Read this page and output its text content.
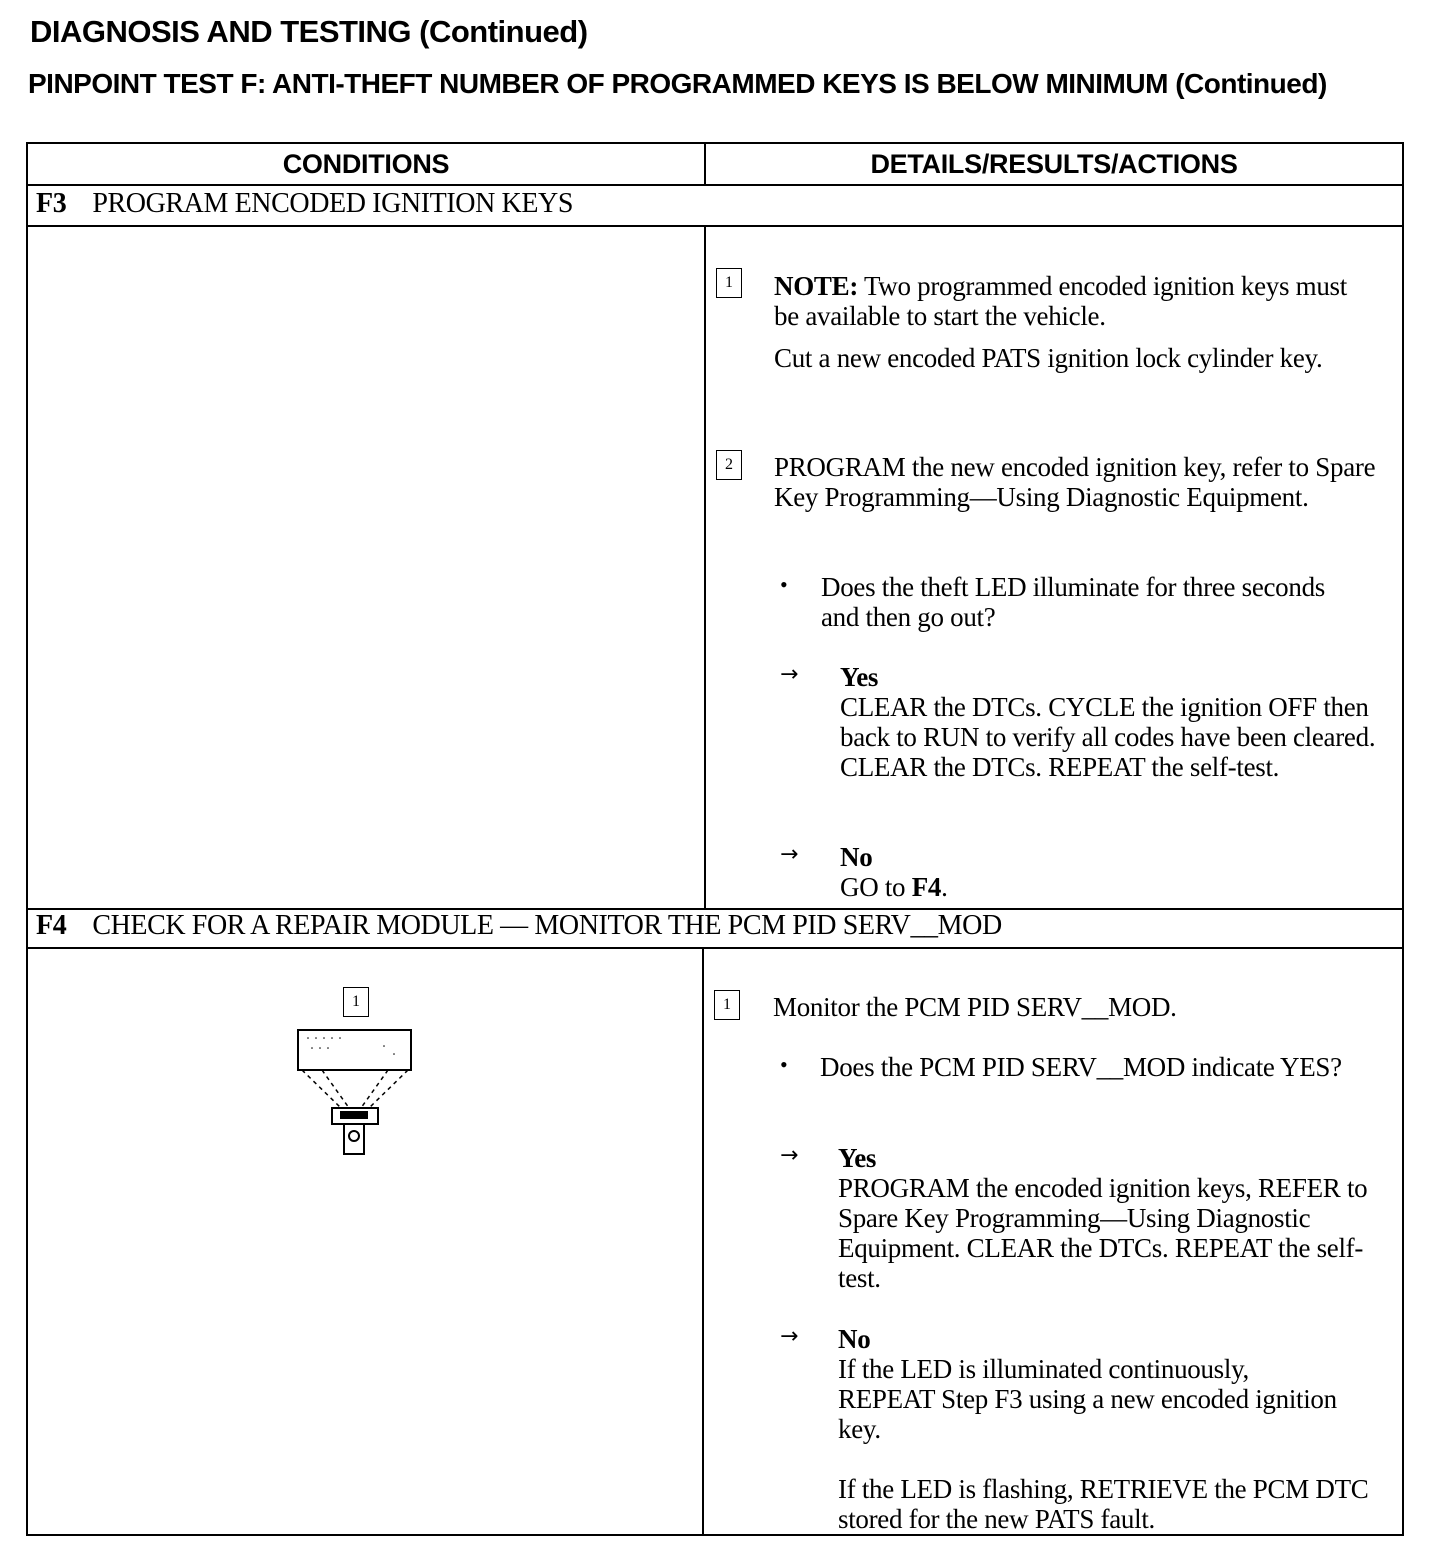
DIAGNOSIS AND TESTING (Continued)
PINPOINT TEST F: ANTI-THEFT NUMBER OF PROGRAMMED KEYS IS BELOW MINIMUM (Continued)
CONDITIONS	DETAILS/RESULTS/ACTIONS
F3 PROGRAM ENCODED IGNITION KEYS
1	NOTE: Two programmed encoded ignition keys must be available to start the vehicle.
Cut a new encoded PATS ignition lock cylinder key.
2	PROGRAM the new encoded ignition key, refer to Spare Key Programming—Using Diagnostic Equipment.
• Does the theft LED illuminate for three seconds and then go out?
→ Yes
CLEAR the DTCs. CYCLE the ignition OFF then back to RUN to verify all codes have been cleared. CLEAR the DTCs. REPEAT the self-test.
→ No
GO to F4.
F4 CHECK FOR A REPAIR MODULE — MONITOR THE PCM PID SERV__MOD
1	1	Monitor the PCM PID SERV__MOD.
• Does the PCM PID SERV__MOD indicate YES?
→ Yes
PROGRAM the encoded ignition keys, REFER to Spare Key Programming—Using Diagnostic Equipment. CLEAR the DTCs. REPEAT the self-test.
→ No
If the LED is illuminated continuously, REPEAT Step F3 using a new encoded ignition key.
If the LED is flashing, RETRIEVE the PCM DTC stored for the new PATS fault.
